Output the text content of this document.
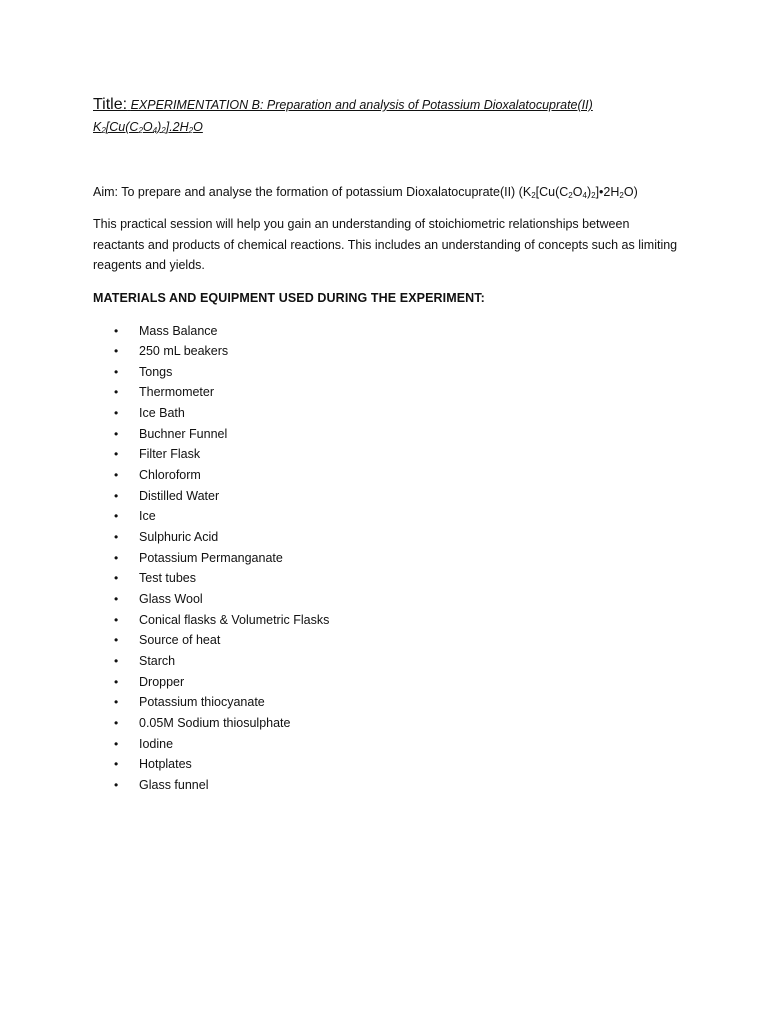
Title: EXPERIMENTATION B: Preparation and analysis of Potassium Dioxalatocuprate(II)
$K_2[Cu(C_2O_4)_2].2H_2O$

Aim: To prepare and analyse the formation of potassium Dioxalatocuprate(II) $(K_2[Cu(C_2O_4)_2]•2H_2O)$

This practical session will help you gain an understanding of stoichiometric relationships between reactants and products of chemical reactions. This includes an understanding of concepts such as limiting reagents and yields.

MATERIALS AND EQUIPMENT USED DURING THE EXPERIMENT:

• Mass Balance
• 250 mL beakers
• Tongs
• Thermometer
• Ice Bath
• Buchner Funnel
• Filter Flask
• Chloroform
• Distilled Water
• Ice
• Sulphuric Acid
• Potassium Permanganate
• Test tubes
• Glass Wool
• Conical flasks & Volumetric Flasks
• Source of heat
• Starch
• Dropper
• Potassium thiocyanate
• 0.05M Sodium thiosulphate
• Iodine
• Hotplates
• Glass funnel
